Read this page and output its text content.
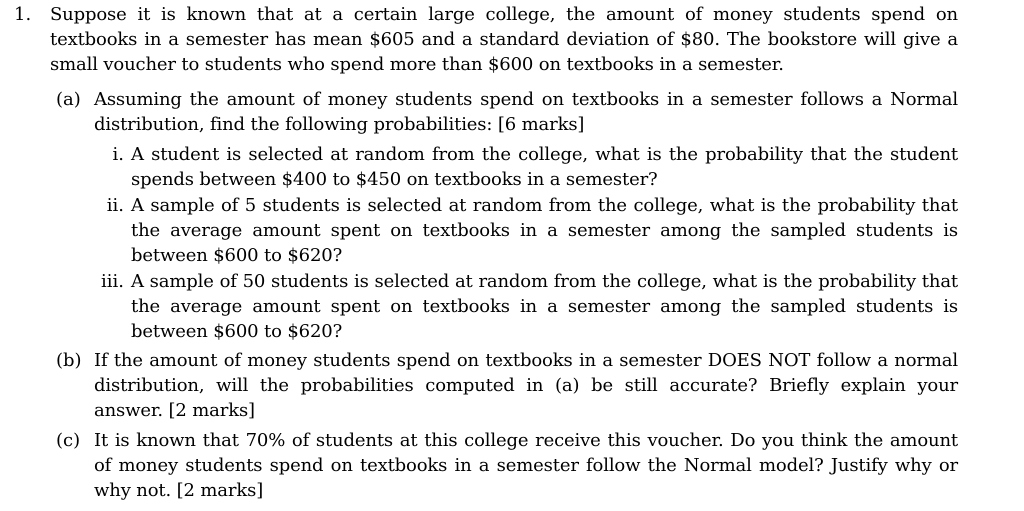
1. Suppose it is known that at a certain large college, the amount of money students spend on textbooks in a semester has mean $605 and a standard deviation of $80. The bookstore will give a small voucher to students who spend more than $600 on textbooks in a semester.
(a) Assuming the amount of money students spend on textbooks in a semester follows a Normal distribution, find the following probabilities: [6 marks]
i. A student is selected at random from the college, what is the probability that the student spends between $400 to $450 on textbooks in a semester?
ii. A sample of 5 students is selected at random from the college, what is the probability that the average amount spent on textbooks in a semester among the sampled students is between $600 to $620?
iii. A sample of 50 students is selected at random from the college, what is the probability that the average amount spent on textbooks in a semester among the sampled students is between $600 to $620?
(b) If the amount of money students spend on textbooks in a semester DOES NOT follow a normal distribution, will the probabilities computed in (a) be still accurate? Briefly explain your answer. [2 marks]
(c) It is known that 70% of students at this college receive this voucher. Do you think the amount of money students spend on textbooks in a semester follow the Normal model? Justify why or why not. [2 marks]
